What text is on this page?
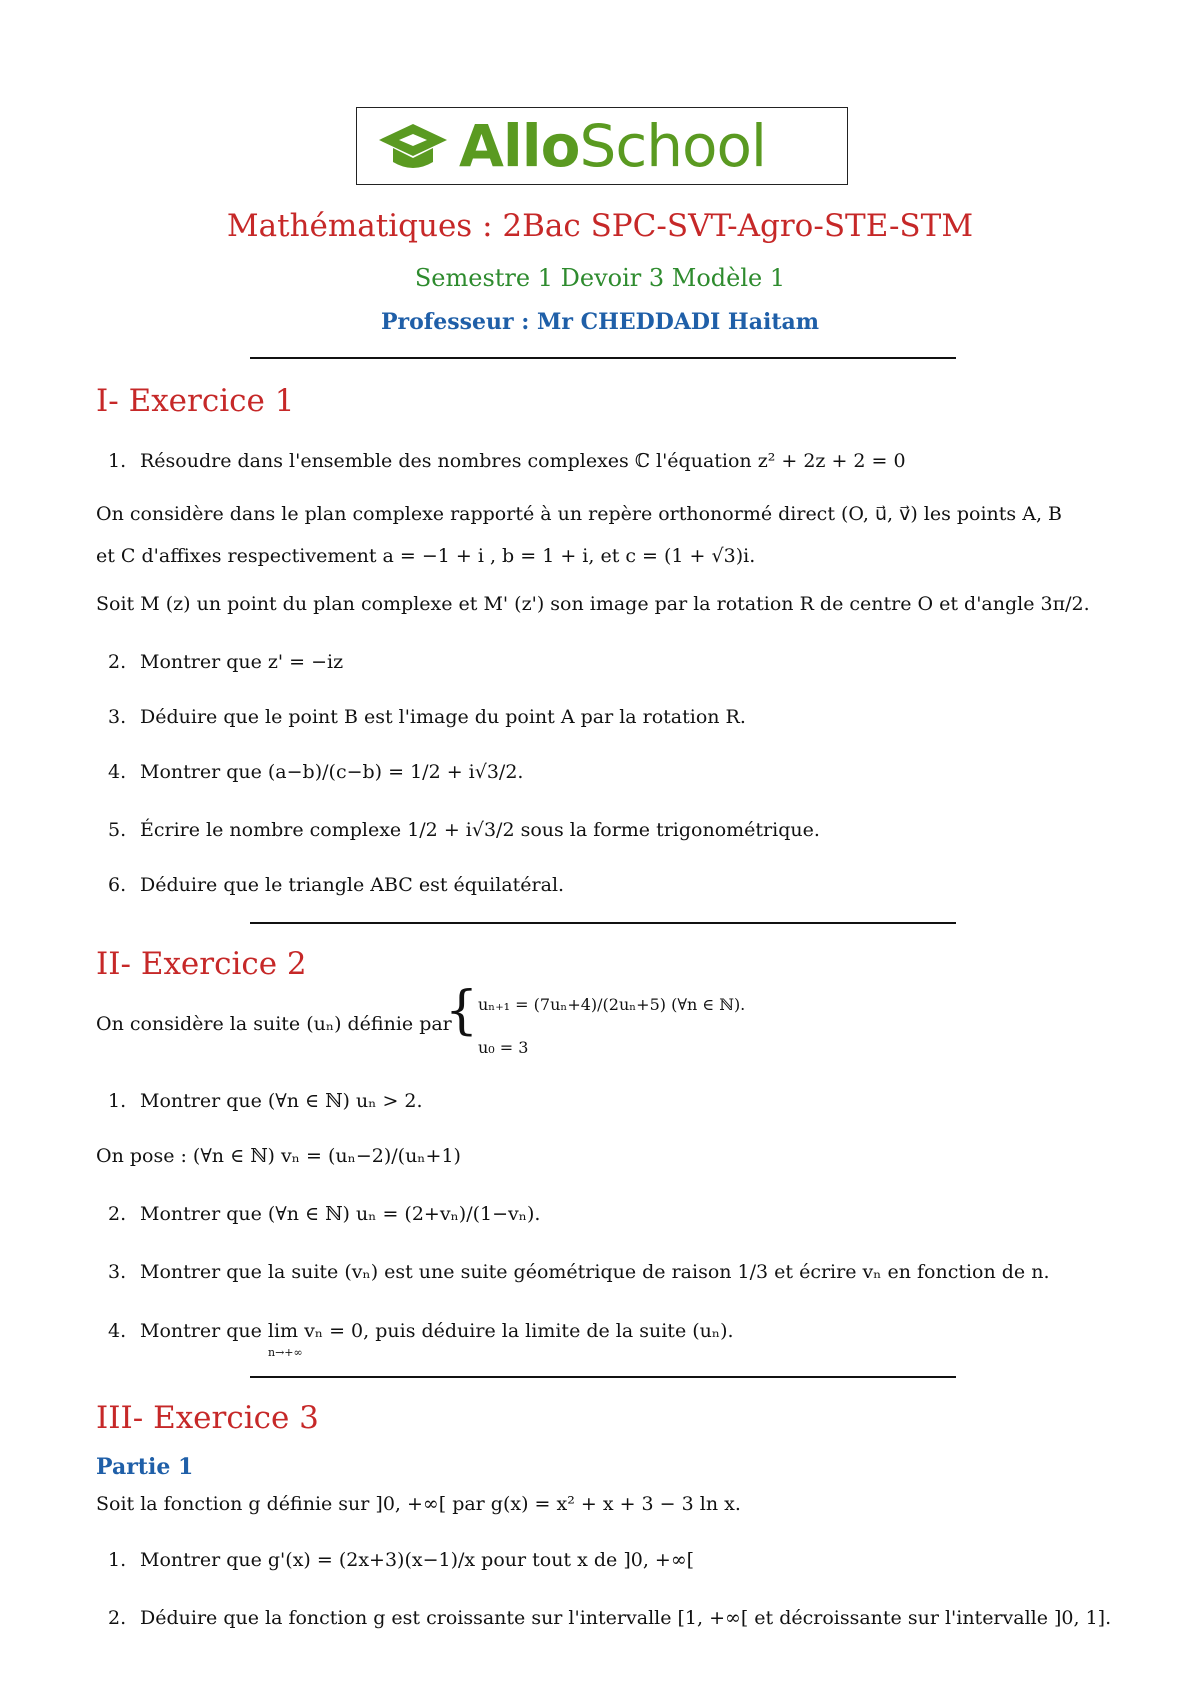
AlloSchool
Mathématiques : 2Bac SPC-SVT-Agro-STE-STM
Semestre 1 Devoir 3 Modèle 1
Professeur : Mr CHEDDADI Haitam
I- Exercice 1
1. Résoudre dans l'ensemble des nombres complexes ℂ l'équation z² + 2z + 2 = 0
On considère dans le plan complexe rapporté à un repère orthonormé direct (O, u⃗, v⃗) les points A, B
et C d'affixes respectivement a = −1 + i , b = 1 + i, et c = (1 + √3)i.
Soit M (z) un point du plan complexe et M' (z') son image par la rotation R de centre O et d'angle 3π/2.
2. Montrer que z' = −iz
3. Déduire que le point B est l'image du point A par la rotation R.
4. Montrer que (a−b)/(c−b) = 1/2 + i√3/2.
5. Écrire le nombre complexe 1/2 + i√3/2 sous la forme trigonométrique.
6. Déduire que le triangle ABC est équilatéral.
II- Exercice 2
On considère la suite (uₙ) définie par
{ uₙ₊₁ = (7uₙ+4)/(2uₙ+5) (∀n ∈ ℕ).
u₀ = 3
1. Montrer que (∀n ∈ ℕ) uₙ > 2.
On pose : (∀n ∈ ℕ) vₙ = (uₙ−2)/(uₙ+1)
2. Montrer que (∀n ∈ ℕ) uₙ = (2+vₙ)/(1−vₙ).
3. Montrer que la suite (vₙ) est une suite géométrique de raison 1/3 et écrire vₙ en fonction de n.
4. Montrer que lim vₙ = 0, puis déduire la limite de la suite (uₙ).
n→+∞
III- Exercice 3
Partie 1
Soit la fonction g définie sur ]0, +∞[ par g(x) = x² + x + 3 − 3 ln x.
1. Montrer que g'(x) = (2x+3)(x−1)/x pour tout x de ]0, +∞[
2. Déduire que la fonction g est croissante sur l'intervalle [1, +∞[ et décroissante sur l'intervalle ]0, 1].
